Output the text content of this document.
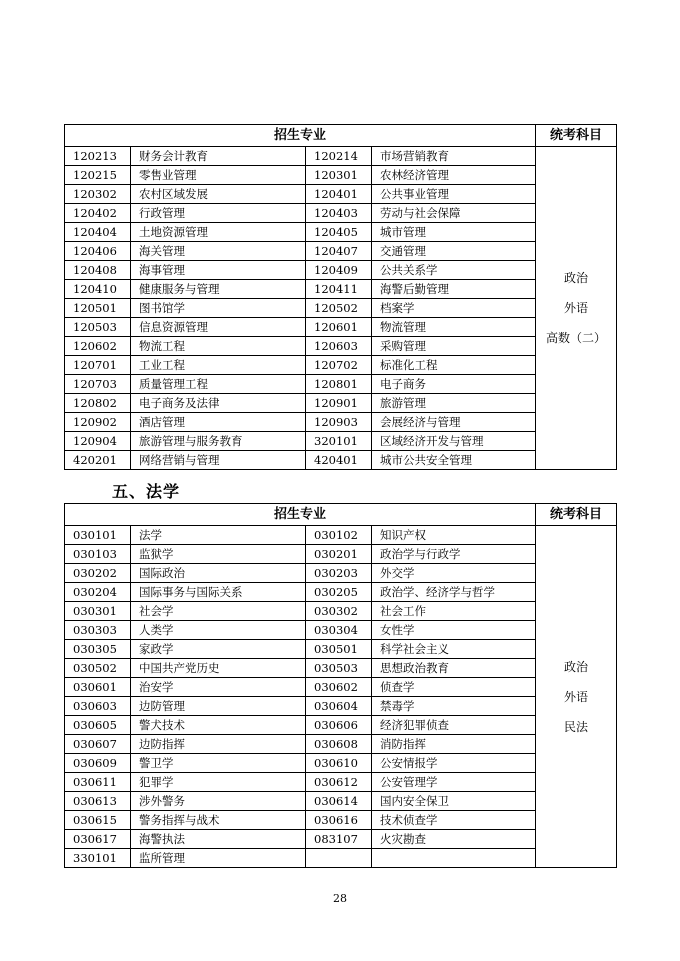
招生专业				统考科目
120213	财务会计教育	120214	市场营销教育	政治
外语
高数（二）

120215	零售业管理	120301	农林经济管理	
120302	农村区域发展	120401	公共事业管理	
120402	行政管理	120403	劳动与社会保障	
120404	土地资源管理	120405	城市管理	
120406	海关管理	120407	交通管理	
120408	海事管理	120409	公共关系学	
120410	健康服务与管理	120411	海警后勤管理	
120501	图书馆学	120502	档案学	
120503	信息资源管理	120601	物流管理	
120602	物流工程	120603	采购管理	
120701	工业工程	120702	标准化工程	
120703	质量管理工程	120801	电子商务	
120802	电子商务及法律	120901	旅游管理	
120902	酒店管理	120903	会展经济与管理	
120904	旅游管理与服务教育	320101	区域经济开发与管理	
420201	网络营销与管理	420401	城市公共安全管理	
五、法学
招生专业				统考科目
030101	法学	030102	知识产权	政治
外语
民法

030103	监狱学	030201	政治学与行政学	
030202	国际政治	030203	外交学	
030204	国际事务与国际关系	030205	政治学、经济学与哲学	
030301	社会学	030302	社会工作	
030303	人类学	030304	女性学	
030305	家政学	030501	科学社会主义	
030502	中国共产党历史	030503	思想政治教育	
030601	治安学	030602	侦查学	
030603	边防管理	030604	禁毒学	
030605	警犬技术	030606	经济犯罪侦查	
030607	边防指挥	030608	消防指挥	
030609	警卫学	030610	公安情报学	
030611	犯罪学	030612	公安管理学	
030613	涉外警务	030614	国内安全保卫	
030615	警务指挥与战术	030616	技术侦查学	
030617	海警执法	083107	火灾勘查	
330101	监所管理			
28
